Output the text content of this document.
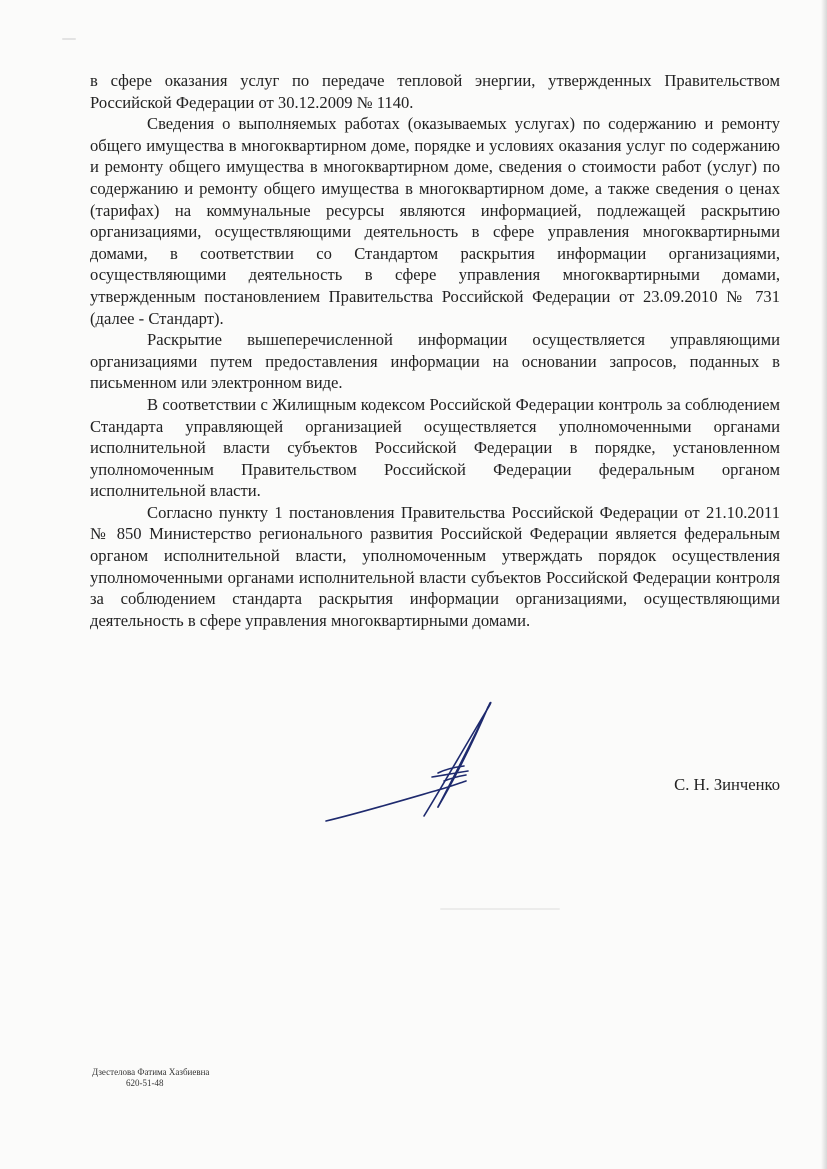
в сфере оказания услуг по передаче тепловой энергии, утвержденных Правительством Российской Федерации от 30.12.2009 № 1140.

Сведения о выполняемых работах (оказываемых услугах) по содержанию и ремонту общего имущества в многоквартирном доме, порядке и условиях оказания услуг по содержанию и ремонту общего имущества в многоквартирном доме, сведения о стоимости работ (услуг) по содержанию и ремонту общего имущества в многоквартирном доме, а также сведения о ценах (тарифах) на коммунальные ресурсы являются информацией, подлежащей раскрытию организациями, осуществляющими деятельность в сфере управления многоквартирными домами, в соответствии со Стандартом раскрытия информации организациями, осуществляющими деятельность в сфере управления многоквартирными домами, утвержденным постановлением Правительства Российской Федерации от 23.09.2010 № 731 (далее - Стандарт).

Раскрытие вышеперечисленной информации осуществляется управляющими организациями путем предоставления информации на основании запросов, поданных в письменном или электронном виде.

В соответствии с Жилищным кодексом Российской Федерации контроль за соблюдением Стандарта управляющей организацией осуществляется уполномоченными органами исполнительной власти субъектов Российской Федерации в порядке, установленном уполномоченным Правительством Российской Федерации федеральным органом исполнительной власти.

Согласно пункту 1 постановления Правительства Российской Федерации от 21.10.2011 № 850 Министерство регионального развития Российской Федерации является федеральным органом исполнительной власти, уполномоченным утверждать порядок осуществления уполномоченными органами исполнительной власти субъектов Российской Федерации контроля за соблюдением стандарта раскрытия информации организациями, осуществляющими деятельность в сфере управления многоквартирными домами.

С. Н. Зинченко
Дзестелова Фатима Хазбиевна
620-51-48
